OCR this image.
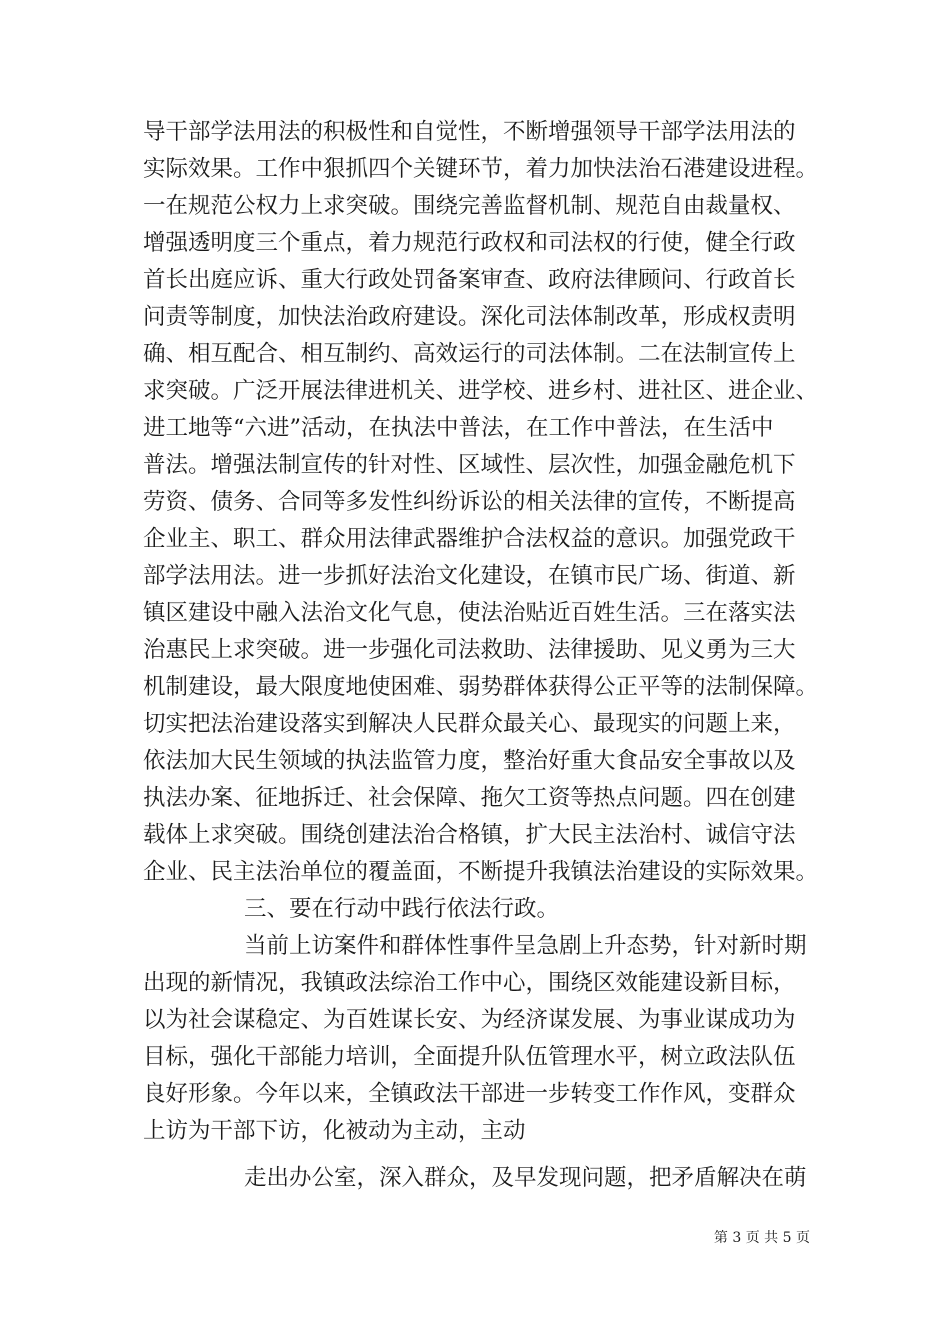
导干部学法用法的积极性和自觉性，不断增强领导干部学法用法的
实际效果。工作中狠抓四个关键环节，着力加快法治石港建设进程。
一在规范公权力上求突破。围绕完善监督机制、规范自由裁量权、
增强透明度三个重点，着力规范行政权和司法权的行使，健全行政
首长出庭应诉、重大行政处罚备案审查、政府法律顾问、行政首长
问责等制度，加快法治政府建设。深化司法体制改革，形成权责明
确、相互配合、相互制约、高效运行的司法体制。二在法制宣传上
求突破。广泛开展法律进机关、进学校、进乡村、进社区、进企业、
进工地等“六进”活动，在执法中普法，在工作中普法，在生活中
普法。增强法制宣传的针对性、区域性、层次性，加强金融危机下
劳资、债务、合同等多发性纠纷诉讼的相关法律的宣传，不断提高
企业主、职工、群众用法律武器维护合法权益的意识。加强党政干
部学法用法。进一步抓好法治文化建设，在镇市民广场、街道、新
镇区建设中融入法治文化气息，使法治贴近百姓生活。三在落实法
治惠民上求突破。进一步强化司法救助、法律援助、见义勇为三大
机制建设，最大限度地使困难、弱势群体获得公正平等的法制保障。
切实把法治建设落实到解决人民群众最关心、最现实的问题上来，
依法加大民生领域的执法监管力度，整治好重大食品安全事故以及
执法办案、征地拆迁、社会保障、拖欠工资等热点问题。四在创建
载体上求突破。围绕创建法治合格镇，扩大民主法治村、诚信守法
企业、民主法治单位的覆盖面，不断提升我镇法治建设的实际效果。
三、要在行动中践行依法行政。
当前上访案件和群体性事件呈急剧上升态势，针对新时期
出现的新情况，我镇政法综治工作中心，围绕区效能建设新目标，
以为社会谋稳定、为百姓谋长安、为经济谋发展、为事业谋成功为
目标，强化干部能力培训，全面提升队伍管理水平，树立政法队伍
良好形象。今年以来，全镇政法干部进一步转变工作作风，变群众
上访为干部下访，化被动为主动，主动
走出办公室，深入群众，及早发现问题，把矛盾解决在萌
第 3 页 共 5 页
